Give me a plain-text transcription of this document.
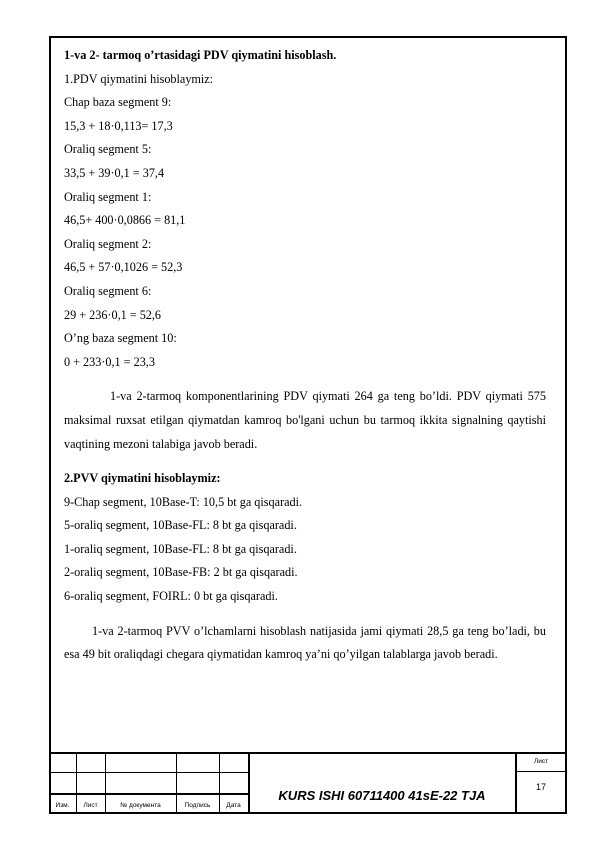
1-va 2- tarmoq o’rtasidagi PDV qiymatini hisoblash.

1.PDV qiymatini hisoblaymiz:

Chap baza segment 9:

15,3 + 18·0,113= 17,3

Oraliq segment 5:

33,5 + 39·0,1 = 37,4

Oraliq segment 1:

46,5+ 400·0,0866 = 81,1

Oraliq segment 2:

46,5 + 57·0,1026 = 52,3

Oraliq segment 6:

29 + 236·0,1 = 52,6

O’ng baza segment 10:

0 + 233·0,1 = 23,3

1-va 2-tarmoq komponentlarining PDV qiymati 264 ga teng bo’ldi. PDV qiymati 575 maksimal ruxsat etilgan qiymatdan kamroq bo'lgani uchun bu tarmoq ikkita signalning qaytishi vaqtining mezoni talabiga javob beradi.

2.PVV qiymatini hisoblaymiz:

9-Chap segment, 10Base-T: 10,5 bt ga qisqaradi.

5-oraliq segment, 10Base-FL: 8 bt ga qisqaradi.

1-oraliq segment, 10Base-FL: 8 bt ga qisqaradi.

2-oraliq segment, 10Base-FB: 2 bt ga qisqaradi.

6-oraliq segment, FOIRL: 0 bt ga qisqaradi.

1-va 2-tarmoq PVV o’lchamlarni hisoblash natijasida jami qiymati 28,5 ga teng bo’ladi, bu esa 49 bit oraliqdagi chegara qiymatidan kamroq ya’ni qo’yilgan talablarga javob beradi.

Изм.	Лист	№ документа	Подпись	Дата
KURS ISHI 60711400 41sE-22 TJA
Лист
17
